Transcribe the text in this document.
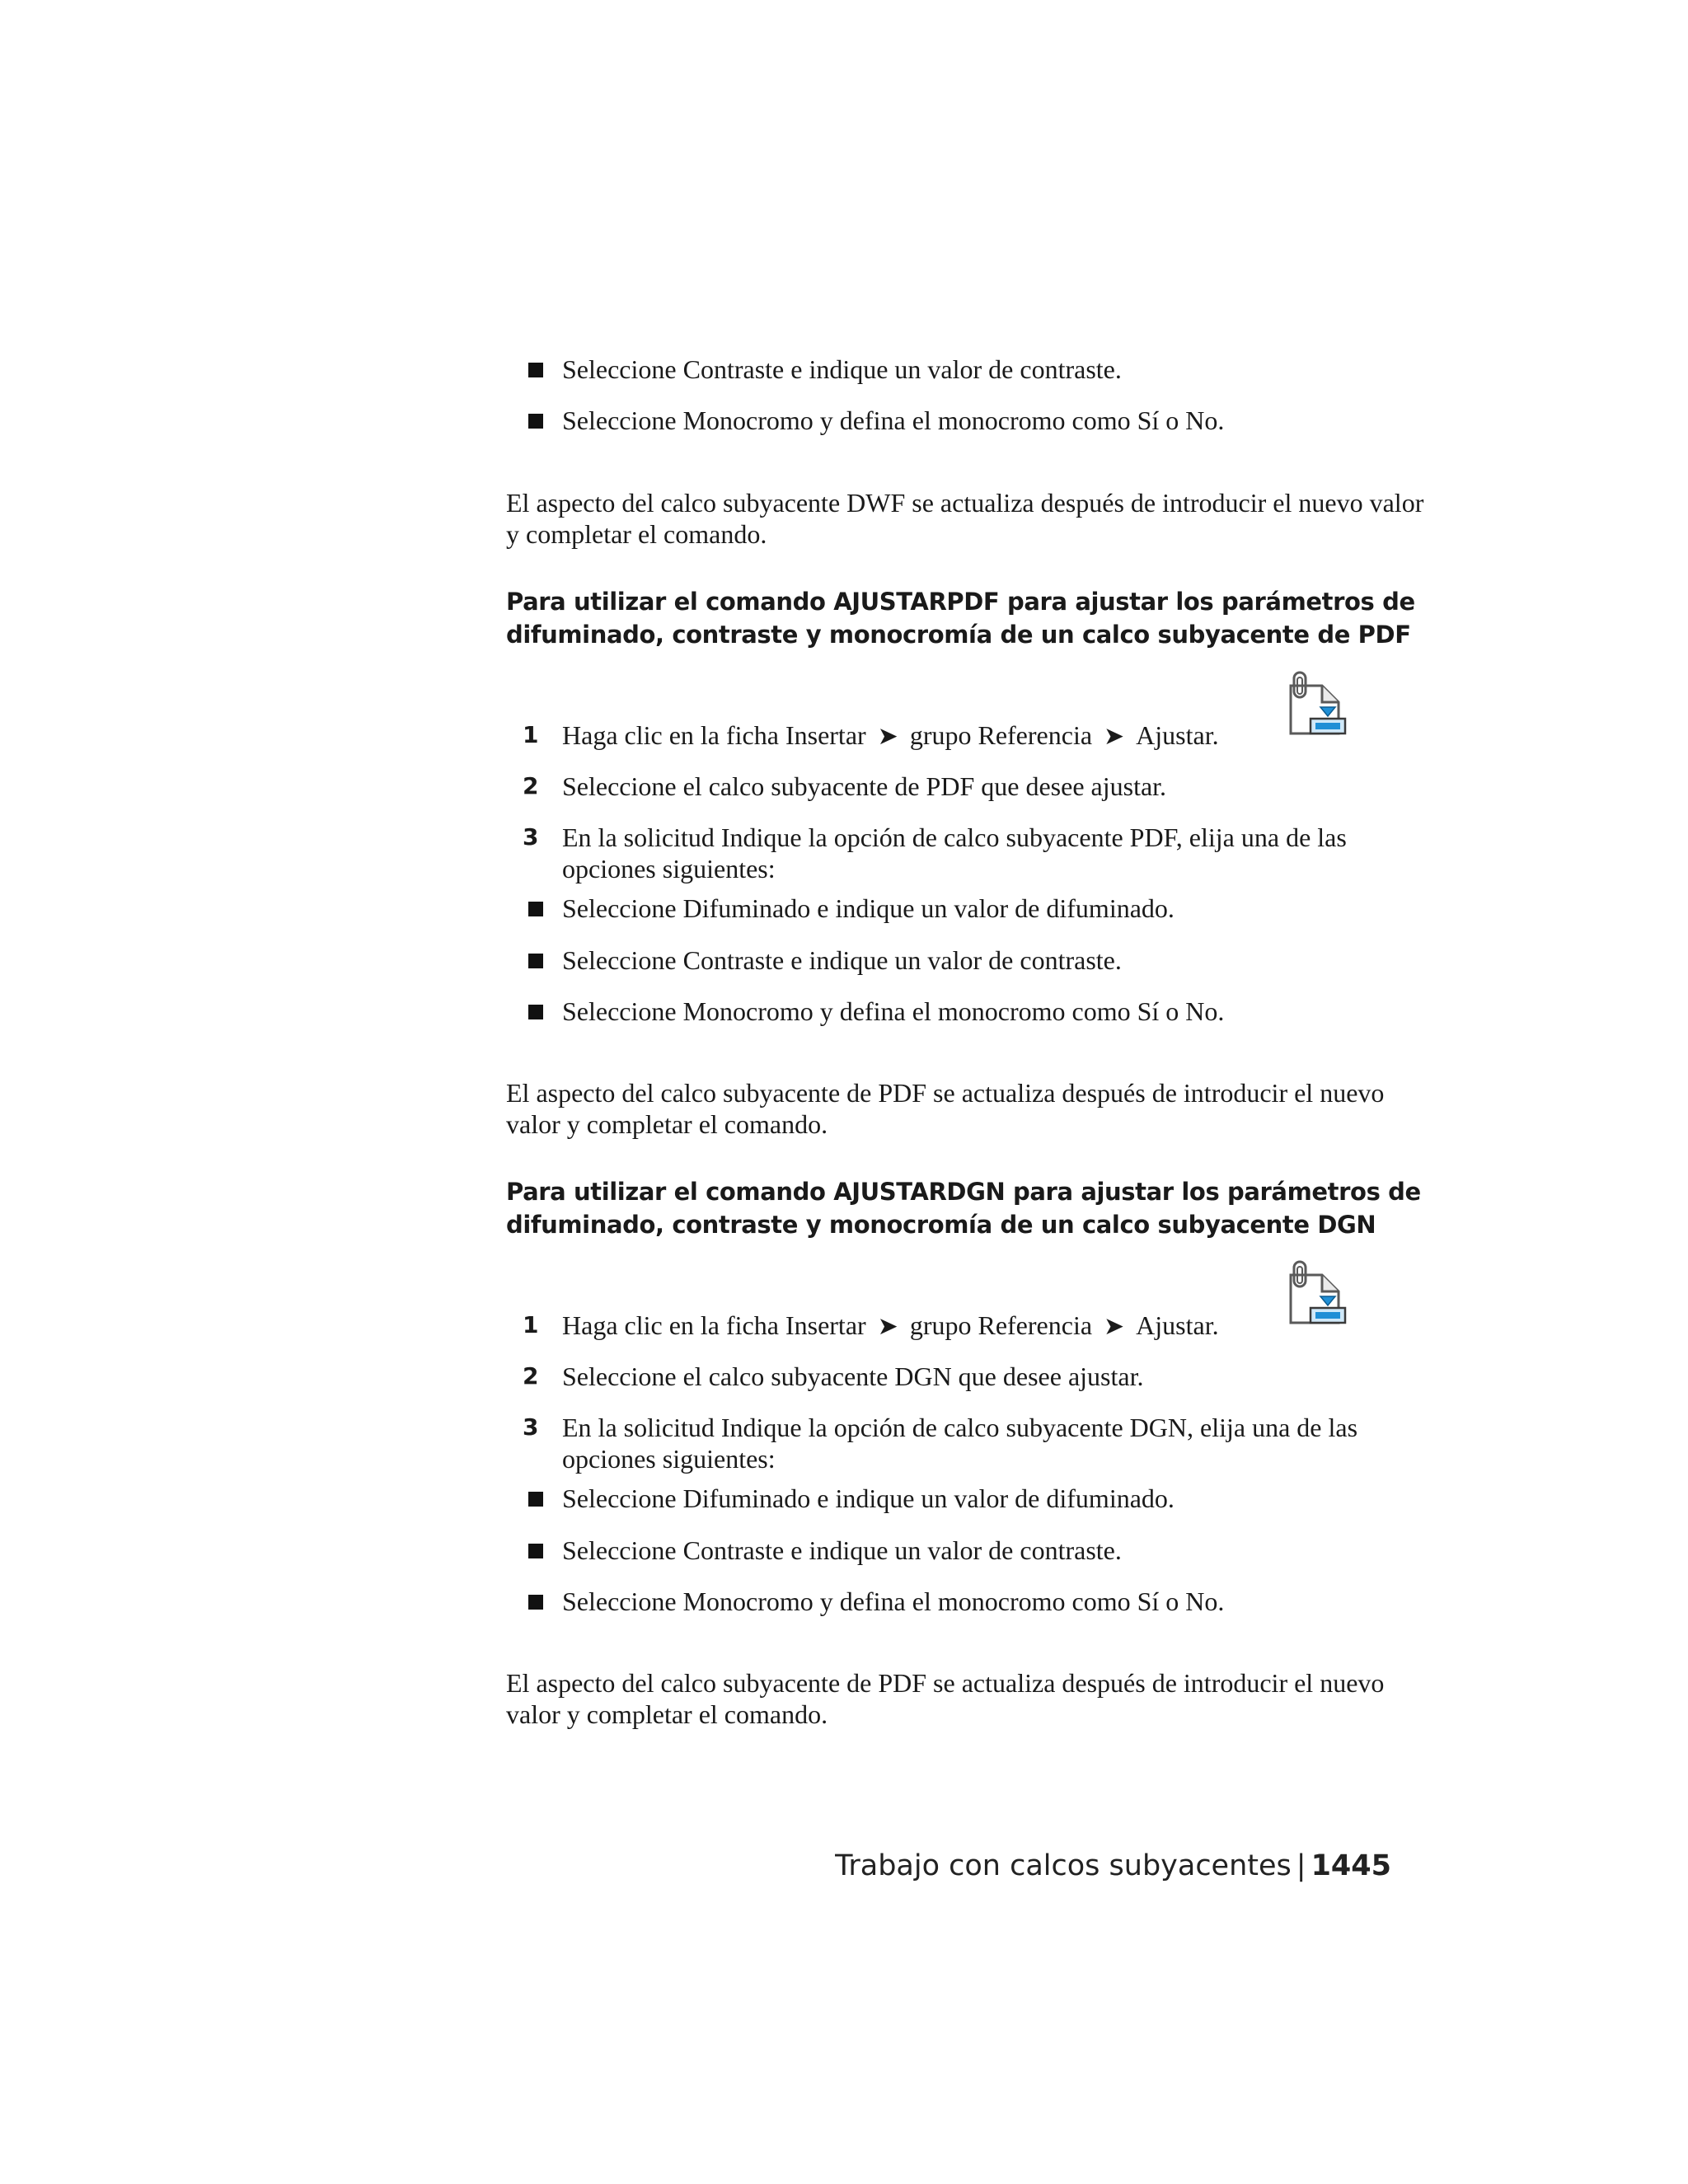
Seleccione Contraste e indique un valor de contraste.
Seleccione Monocromo y defina el monocromo como Sí o No.
El aspecto del calco subyacente DWF se actualiza después de introducir el nuevo valor y completar el comando.
Para utilizar el comando AJUSTARPDF para ajustar los parámetros de difuminado, contraste y monocromía de un calco subyacente de PDF
1 Haga clic en la ficha Insertar ➤ grupo Referencia ➤ Ajustar.
2 Seleccione el calco subyacente de PDF que desee ajustar.
3 En la solicitud Indique la opción de calco subyacente PDF, elija una de las opciones siguientes:
Seleccione Difuminado e indique un valor de difuminado.
Seleccione Contraste e indique un valor de contraste.
Seleccione Monocromo y defina el monocromo como Sí o No.
El aspecto del calco subyacente de PDF se actualiza después de introducir el nuevo valor y completar el comando.
Para utilizar el comando AJUSTARDGN para ajustar los parámetros de difuminado, contraste y monocromía de un calco subyacente DGN
1 Haga clic en la ficha Insertar ➤ grupo Referencia ➤ Ajustar.
2 Seleccione el calco subyacente DGN que desee ajustar.
3 En la solicitud Indique la opción de calco subyacente DGN, elija una de las opciones siguientes:
Seleccione Difuminado e indique un valor de difuminado.
Seleccione Contraste e indique un valor de contraste.
Seleccione Monocromo y defina el monocromo como Sí o No.
El aspecto del calco subyacente de PDF se actualiza después de introducir el nuevo valor y completar el comando.
Trabajo con calcos subyacentes | 1445
